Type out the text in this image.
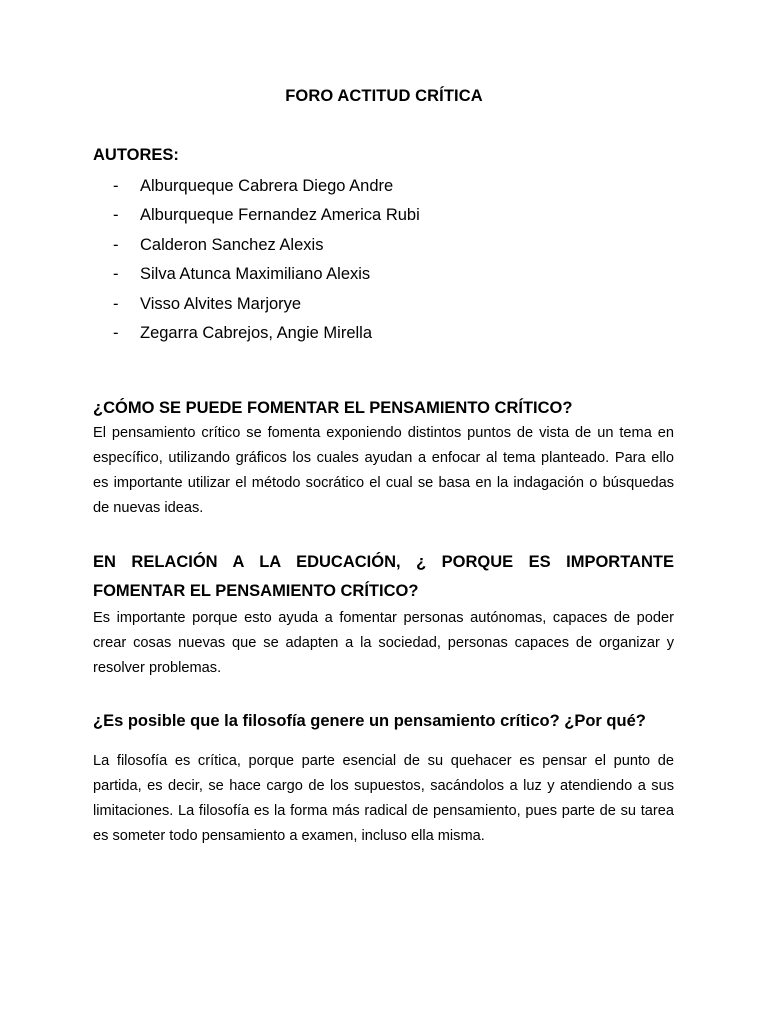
FORO ACTITUD CRÍTICA
AUTORES:
- Alburqueque Cabrera Diego Andre
- Alburqueque Fernandez America Rubi
- Calderon Sanchez Alexis
- Silva Atunca Maximiliano Alexis
- Visso Alvites Marjorye
- Zegarra Cabrejos, Angie Mirella

¿CÓMO SE PUEDE FOMENTAR EL PENSAMIENTO CRÍTICO?

El pensamiento crítico se fomenta exponiendo distintos puntos de vista de un tema en específico, utilizando gráficos los cuales ayudan a enfocar al tema planteado. Para ello es importante utilizar el método socrático el cual se basa en la indagación o búsquedas de nuevas ideas.

EN RELACIÓN A LA EDUCACIÓN, ¿ PORQUE ES IMPORTANTE FOMENTAR EL PENSAMIENTO CRÍTICO?

Es importante porque esto ayuda a fomentar personas autónomas, capaces de poder crear cosas nuevas que se adapten a la sociedad, personas capaces de organizar y resolver problemas.

¿Es posible que la filosofía genere un pensamiento crítico? ¿Por qué?

La filosofía es crítica, porque parte esencial de su quehacer es pensar el punto de partida, es decir, se hace cargo de los supuestos, sacándolos a luz y atendiendo a sus limitaciones. La filosofía es la forma más radical de pensamiento, pues parte de su tarea es someter todo pensamiento a examen, incluso ella misma.
